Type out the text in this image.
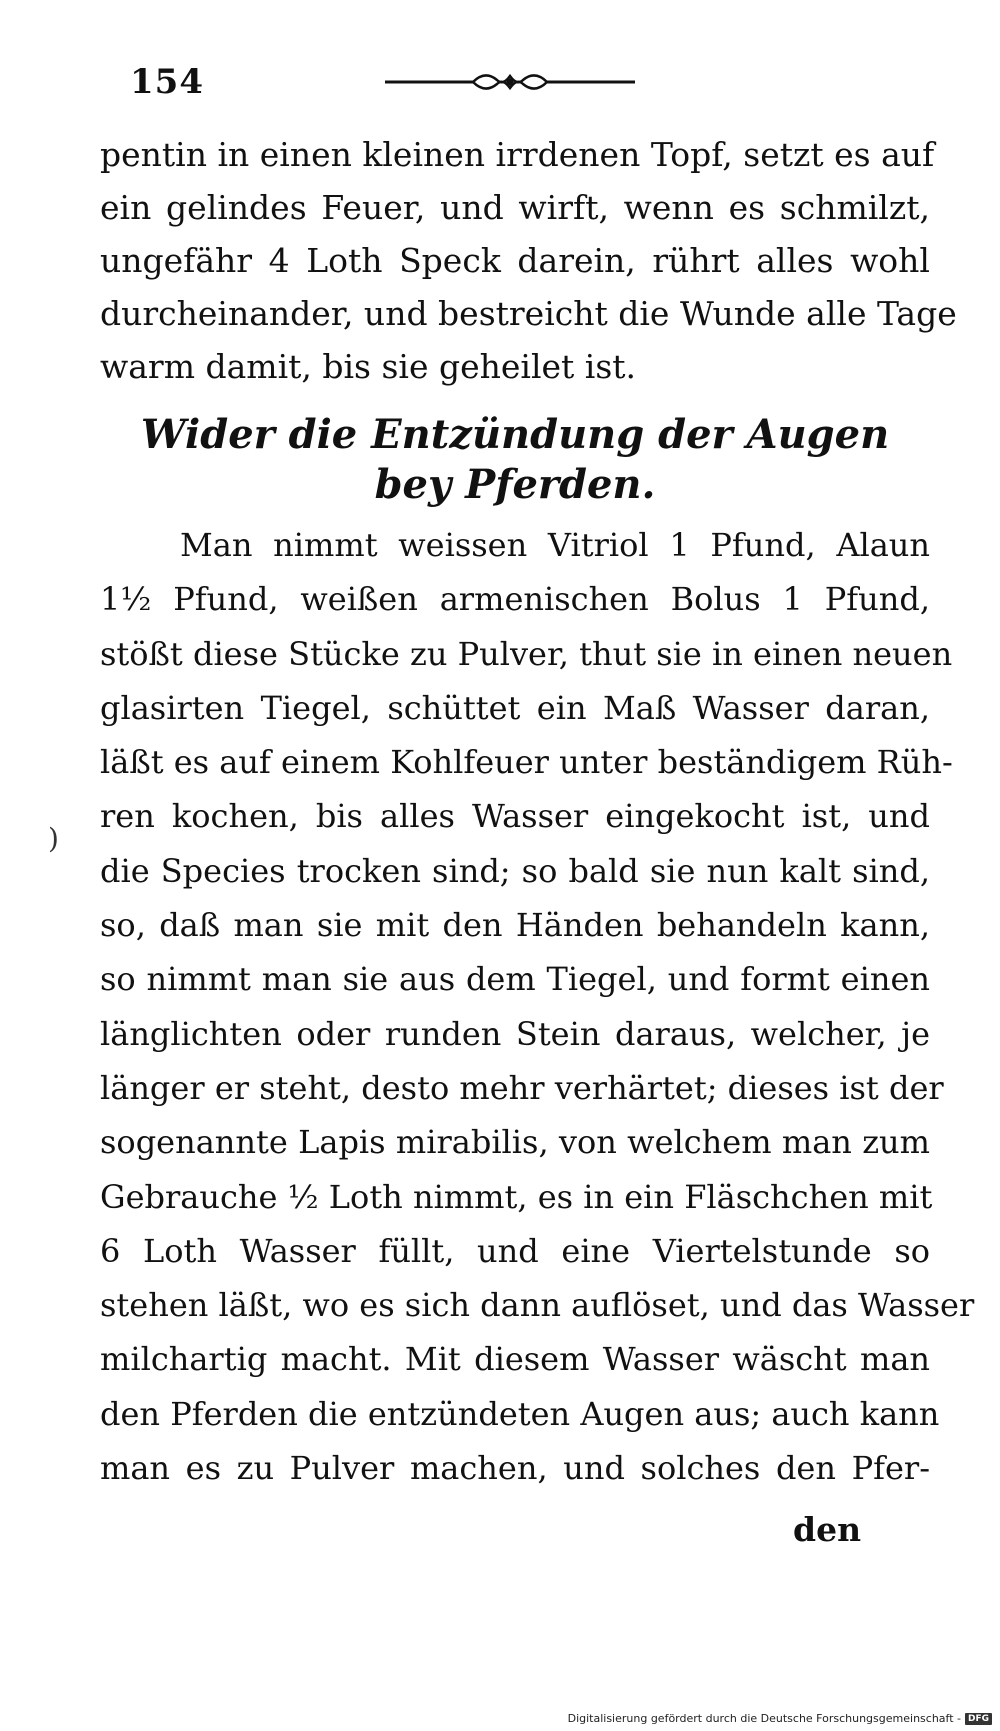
154
pentin in einen kleinen irrdenen Topf, setzt es auf
ein gelindes Feuer, und wirft, wenn es schmilzt,
ungefähr 4 Loth Speck darein, rührt alles wohl
durcheinander, und bestreicht die Wunde alle Tage
warm damit, bis sie geheilet ist.
Wider die Entzündung der Augen
bey Pferden.
Man nimmt weissen Vitriol 1 Pfund, Alaun
1½ Pfund, weißen armenischen Bolus 1 Pfund,
stößt diese Stücke zu Pulver, thut sie in einen neuen
glasirten Tiegel, schüttet ein Maß Wasser daran,
läßt es auf einem Kohlfeuer unter beständigem Rüh-
ren kochen, bis alles Wasser eingekocht ist, und
die Species trocken sind; so bald sie nun kalt sind,
so, daß man sie mit den Händen behandeln kann,
so nimmt man sie aus dem Tiegel, und formt einen
länglichten oder runden Stein daraus, welcher, je
länger er steht, desto mehr verhärtet; dieses ist der
sogenannte Lapis mirabilis, von welchem man zum
Gebrauche ½ Loth nimmt, es in ein Fläschchen mit
6 Loth Wasser füllt, und eine Viertelstunde so
stehen läßt, wo es sich dann auflöset, und das Wasser
milchartig macht. Mit diesem Wasser wäscht man
den Pferden die entzündeten Augen aus; auch kann
man es zu Pulver machen, und solches den Pfer-
den
)
Digitalisierung gefördert durch die Deutsche Forschungsgemeinschaft - DFG
